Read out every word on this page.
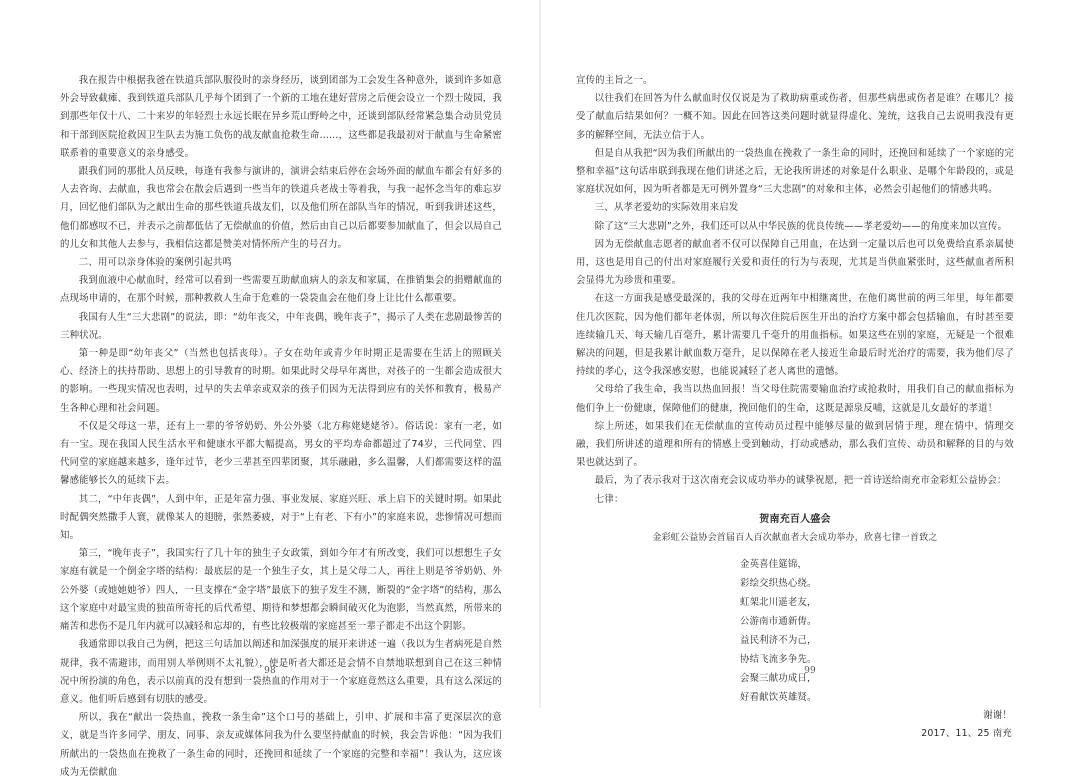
我在报告中根据我爸在铁道兵部队服役时的亲身经历，谈到团部为工会发生各种意外，谈到许多如意外会导致截瘫、我到铁道兵部队几乎每个团到了一个新的工地在建好营房之后便会设立一个烈士陵园，我到那些年仅十八、二十来岁的年轻烈士永远长眠在异乡荒山野岭之中，还谈到部队经常紧急集合动员党员和干部到医院抢救因卫生队去为施工负伤的战友献血抢救生命……，这些都是我最初对于献血与生命紧密联系着的重要意义的亲身感受。

跟我们同的那批人员反映，每逢有我参与演讲的，演讲会结束后停在会场外面的献血车都会有好多的人去咨询、去献血，我也常会在散会后遇到一些当年的铁道兵老战士等着我，与我一起怀念当年的难忘岁月，回忆他们部队为之献出生命的那些铁道兵战友们，以及他们所在部队当年的情况，听到我讲述这些，他们都感叹不已，并表示之前都低估了无偿献血的价值，然后由自己以后都要参加献血了，但会以局自己的儿女和其他人去参与，我相信这都是赞美对情怀所产生的号召力。

二、用可以亲身体验的案例引起共鸣

我到血液中心献血时，经常可以看到一些需要互助献血病人的亲友和家属，在推销集会的捐赠献血的点现场申请的，在那个时候，那种教救人生命于危难的一袋袋血会在他们身上让比什么都重要。

我国有人生“三大悲剧”的说法，即：“幼年丧父，中年丧偶，晚年丧子”，揭示了人类在悲剧最惨苦的三种状况。

第一种是即“幼年丧父”（当然也包括丧母）。子女在幼年或青少年时期正是需要在生活上的照顾关心、经济上的扶持帮助、思想上的引导教育的时期。如果此时父母早年离世，对孩子的一生都会造成很大的影响。一些现实情况也表明，过早的失去单亲或双亲的孩子们因为无法得到应有的关怀和教育，极易产生各种心理和社会问题。

不仅是父母这一辈，还有上一辈的爷爷奶奶、外公外婆（北方称姥姥姥爷）。俗话说：家有一老，如有一宝。现在我国人民生活水平和健康水平都大幅提高，男女的平均寿命都超过了74岁，三代同堂、四代同堂的家庭越来越多，逢年过节，老少三辈甚至四辈团聚，其乐融融，多么温馨，人们都需要这样的温馨感能够长久的延续下去。

其二，“中年丧偶”，人到中年，正是年富力强、事业发展、家庭兴旺、承上启下的关键时期。如果此时配偶突然撒手人寰，就像某人的翅膀，张然萎疲，对于“上有老、下有小”的家庭来说，悲惨情况可想而知。

第三，“晚年丧子”，我国实行了几十年的独生子女政策，到如今年才有所改变，我们可以想想生子女家庭有就是一个倒金字塔的结构：最底层的是一个独生子女，其上是父母二人，再往上则是爷爷奶奶、外公外婆（或她她她爷）四人，一旦支撑在“金字塔”最底下的独子发生不测，断裂的“金字塔”的结构，那么这个家庭中对最宝贵的独苗所寄托的后代希望、期待和梦想都会瞬间破灭化为泡影，当然真然，所带来的痛苦和悲伤不是几年内就可以减轻和忘却的，有些比较极端的家庭甚至一辈子都走不出这个阴影。

我通常即以我自己为例，把这三句话加以阐述和加深强度的展开来讲述一遍（我以为生者病死是自然规律，我不需避讳，而用别人举例则不太礼貌），使是听者大都还是会情不自禁地联想到自己在这三种情况中所扮演的角色，表示以前真的没有想到一袋热血的作用对于一个家庭竟然这么重要，具有这么深远的意义。他们听后感到有切肤的感受。

所以，我在“献出一袋热血，挽救一条生命”这个口号的基础上，引申、扩展和丰富了更深层次的意义，就是当许多同学、朋友、同事、亲友或媒体问我为什么要坚持献血的时候，我会告诉他：“因为我们所献出的一袋热血在挽救了一条生命的同时，还挽回和延续了一个家庭的完整和幸福”！我认为，这应该成为无偿献血

98

宣传的主旨之一。

以往我们在回答为什么献血时仅仅说是为了救助病重或伤者，但那些病患或伤者是谁？在哪儿？接受了献血后结果如何？一概不知。因此在回答这类问题时就显得虚化、笼统，这我自己去说明我没有更多的解释空间，无法立信于人。

但是自从我把“因为我们所献出的一袋热血在挽救了一条生命的同时，还挽回和延续了一个家庭的完整和幸福”这句话串联到我现在他们讲述之后，无论我所讲述的对象是什么职业、是哪个年龄段的，或是家庭状况如何，因为听者都是无可例外置身“三大悲剧”的对象和主体，必然会引起他们的情感共鸣。

三、从孝老爱幼的实际效用来启发

除了这“三大悲剧”之外，我们还可以从中华民族的优良传统——孝老爱幼——的角度来加以宣传。

因为无偿献血志愿者的献血者不仅可以保障自己用血，在达到一定量以后也可以免费给直系亲属使用，这也是用自己的付出对家庭履行关爱和责任的行为与表现，尤其是当供血紧张时，这些献血者所积会显得尤为珍贵和重要。

在这一方面我是感受最深的，我的父母在近两年中相继离世，在他们离世前的两三年里，每年都要住几次医院，因为他们都年老体弱，所以每次住院后医生开出的治疗方案中都会包括输血，有时甚至要连续输几天、每天输几百毫升，累计需要几千毫升的用血指标。如果这些在别的家庭，无疑是一个很难解决的问题，但是我累计献血数万毫升，足以保障在老人接近生命最后时光治疗的需要，我为他们尽了持续的孝心，这令我深感安慰，也能说减轻了老人离世的遗憾。

父母给了我生命，我当以热血回报！当父母住院需要输血治疗或抢救时，用我们自己的献血指标为他们争上一份健康，保障他们的健康，挽回他们的生命，这既是源泉反哺，这就是儿女最好的孝道！

综上所述，如果我们在无偿献血的宣传动员过程中能够尽量的做到居情于理，理在情中，情理交融，我们所讲述的道理和所有的情感上受到触动，打动或感动，那么我们宣传、动员和解释的目的与效果也就达到了。

最后，为了表示我对于这次南充会议成功举办的诚挚祝愿，把一首诗送给南充市金彩虹公益协会：

七律：

贺南充百人盛会
金彩虹公益协会首届百人百次献血者大会成功举办，欣喜七律一首致之
金英喜佳筵锦，
彩绘交织热心绕。
虹架北川遥老友，
公游南市通新俦。
益民利济不为己，
协结飞流多争先。
会聚三献功成日，
好看献饮英雄贤。
谢谢！
2017、11、25 南充
99
